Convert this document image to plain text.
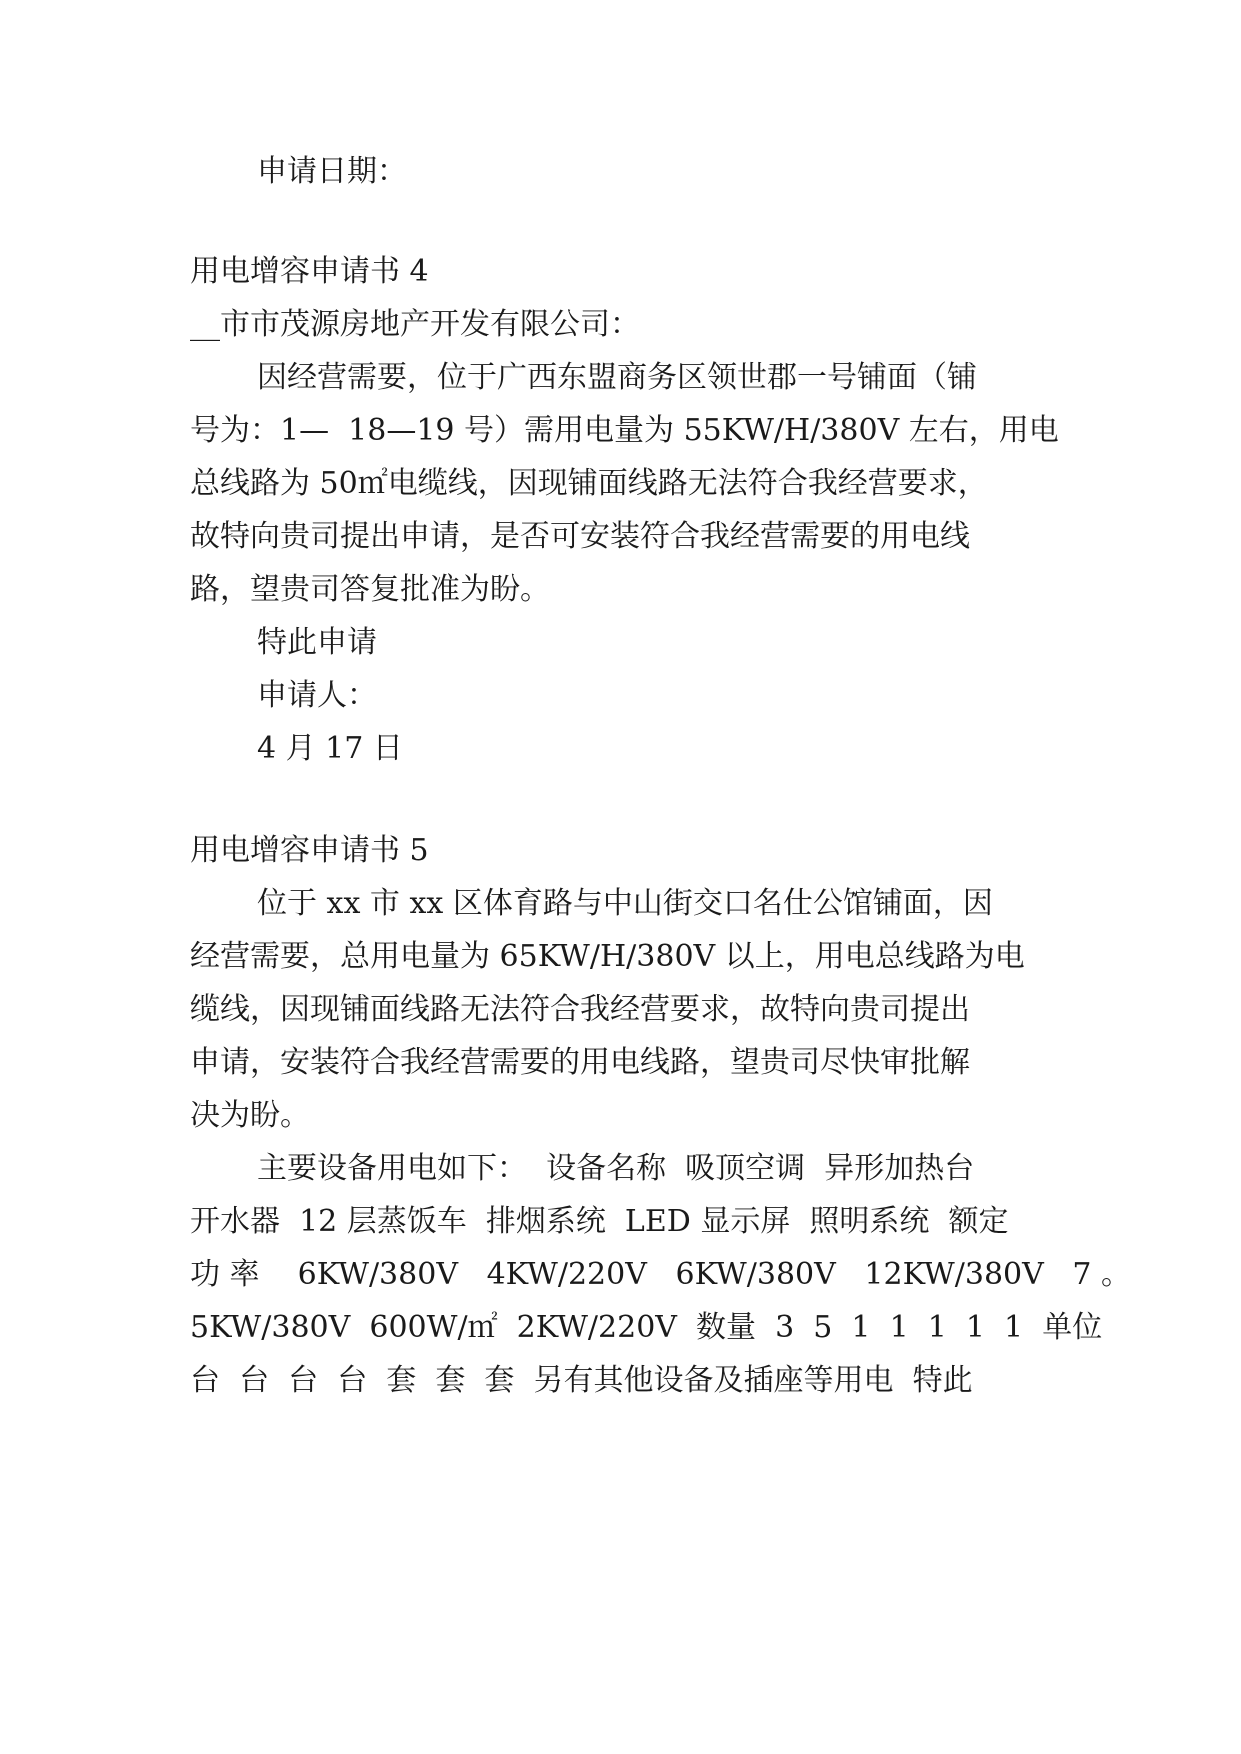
申请日期：
用电增容申请书 4
__市市茂源房地产开发有限公司：
因经营需要，位于广西东盟商务区领世郡一号铺面（铺
号为：1—  18—19 号）需用电量为 55KW/H/380V 左右，用电
总线路为 50㎡电缆线，因现铺面线路无法符合我经营要求，
故特向贵司提出申请，是否可安装符合我经营需要的用电线
路，望贵司答复批准为盼。
特此申请
申请人：
4 月 17 日
用电增容申请书 5
位于 xx 市 xx 区体育路与中山街交口名仕公馆铺面，因
经营需要，总用电量为 65KW/H/380V 以上，用电总线路为电
缆线，因现铺面线路无法符合我经营要求，故特向贵司提出
申请，安装符合我经营需要的用电线路，望贵司尽快审批解
决为盼。
主要设备用电如下：  设备名称  吸顶空调  异形加热台
开水器  12 层蒸饭车  排烟系统  LED 显示屏  照明系统  额定
功 率    6KW/380V   4KW/220V   6KW/380V   12KW/380V   7 。
5KW/380V  600W/㎡  2KW/220V  数量  3  5  1  1  1  1  1  单位
台  台  台  台  套  套  套  另有其他设备及插座等用电  特此
